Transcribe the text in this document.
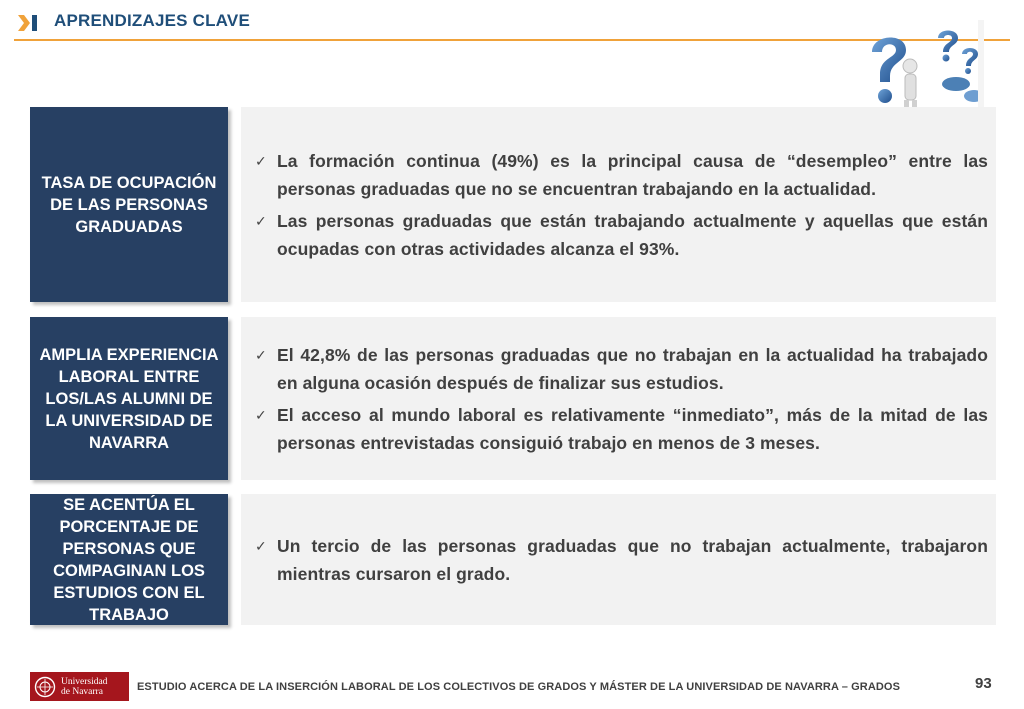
APRENDIZAJES CLAVE
TASA DE OCUPACIÓN DE LAS PERSONAS GRADUADAS
✓ La formación continua (49%) es la principal causa de “desempleo” entre las personas graduadas que no se encuentran trabajando en la actualidad.
✓ Las personas graduadas que están trabajando actualmente y aquellas que están ocupadas con otras actividades alcanza el 93%.
AMPLIA EXPERIENCIA LABORAL ENTRE LOS/LAS ALUMNI DE LA UNIVERSIDAD DE NAVARRA
✓ El 42,8% de las personas graduadas que no trabajan en la actualidad ha trabajado en alguna ocasión después de finalizar sus estudios.
✓ El acceso al mundo laboral es relativamente “inmediato”, más de la mitad de las personas entrevistadas consiguió trabajo en menos de 3 meses.
SE ACENTÚA EL PORCENTAJE DE PERSONAS QUE COMPAGINAN LOS ESTUDIOS CON EL TRABAJO
✓ Un tercio de las personas graduadas que no trabajan actualmente, trabajaron mientras cursaron el grado.
Universidad
de Navarra	ESTUDIO ACERCA DE LA INSERCIÓN LABORAL DE LOS COLECTIVOS DE GRADOS Y MÁSTER DE LA UNIVERSIDAD DE NAVARRA – GRADOS	93
